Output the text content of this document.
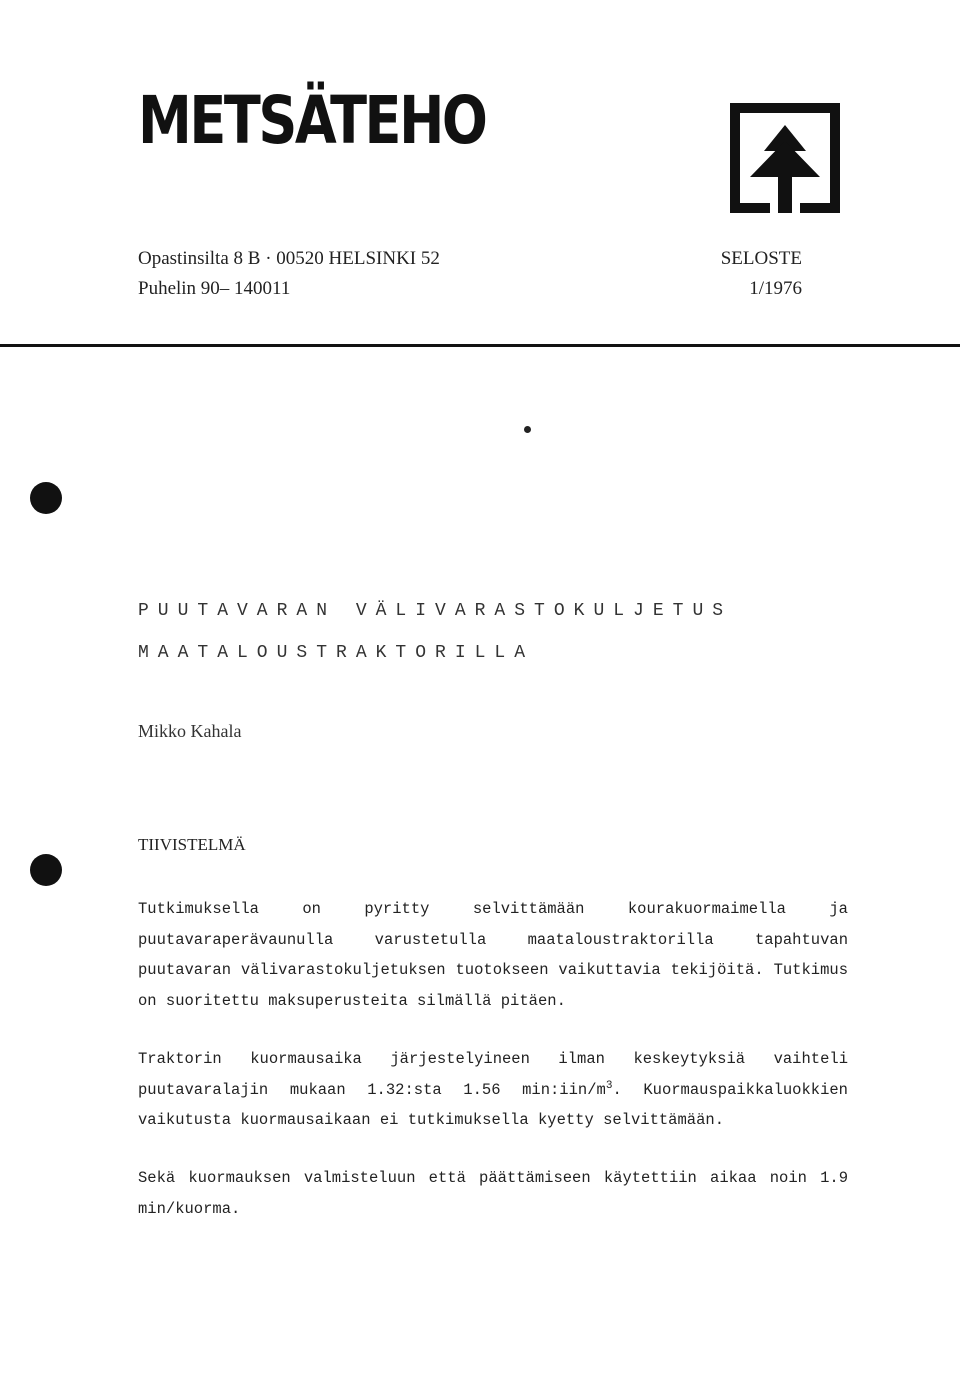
METSÄTEHO
Opastinsilta 8 B · 00520 HELSINKI 52
Puhelin 90– 140011
SELOSTE
1/1976
PUUTAVARAN VÄLIVARASTOKULJETUS
MAATALOUSTRAKTORILLA
Mikko Kahala
TIIVISTELMÄ

Tutkimuksella on pyritty selvittämään kourakuormaimella ja puutavaraperävaunulla varustetulla maataloustraktorilla tapahtuvan puutavaran välivarastokuljetuksen tuotokseen vaikuttavia tekijöitä. Tutkimus on suoritettu maksuperusteita silmällä pitäen.

Traktorin kuormausaika järjestelyineen ilman keskeytyksiä vaihteli puutavaralajin mukaan 1.32:sta 1.56 $\min:iin/m^3$. Kuormauspaikkaluokkien vaikutusta kuormausaikaan ei tutkimuksella kyetty selvittämään.

Sekä kuormauksen valmisteluun että päättämiseen käytettiin aikaa noin 1.9 min/kuorma.
